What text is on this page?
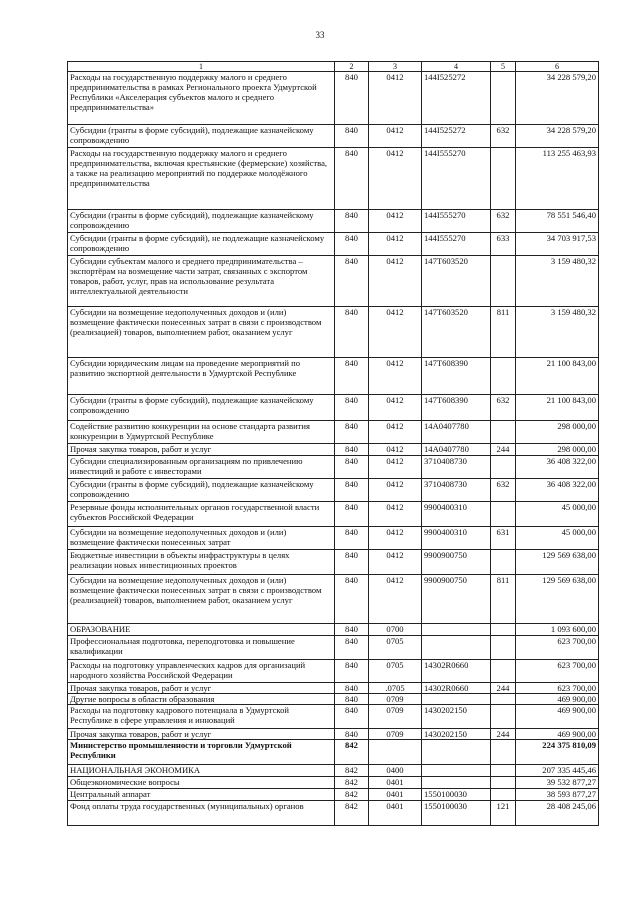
33
1	2	3	4	5	6
Расходы на государственную поддержку малого и среднего предпринимательства в рамках Регионального проекта Удмуртской Республики «Акселерация субъектов малого и среднего предпринимательства»	840	0412	144I525272		34 228 579,20
Субсидии (гранты в форме субсидий), подлежащие казначейскому сопровождению	840	0412	144I525272	632	34 228 579,20
Расходы на государственную поддержку малого и среднего предпринимательства, включая крестьянские (фермерские) хозяйства, а также на реализацию мероприятий по поддержке молодёжного предпринимательства	840	0412	144I555270		113 255 463,93
Субсидии (гранты в форме субсидий), подлежащие казначейскому сопровождению	840	0412	144I555270	632	78 551 546,40
Субсидии (гранты в форме субсидий), не подлежащие казначейскому сопровождению	840	0412	144I555270	633	34 703 917,53
Субсидии субъектам малого и среднего предпринимательства – экспортёрам на возмещение части затрат, связанных с экспортом товаров, работ, услуг, прав на использование результата интеллектуальной деятельности	840	0412	147T603520		3 159 480,32
Субсидии на возмещение недополученных доходов и (или) возмещение фактически понесенных затрат в связи с производством (реализацией) товаров, выполнением работ, оказанием услуг	840	0412	147T603520	811	3 159 480,32
Субсидии юридическим лицам на проведение мероприятий по развитию экспортной деятельности в Удмуртской Республике	840	0412	147T608390		21 100 843,00
Субсидии (гранты в форме субсидий), подлежащие казначейскому сопровождению	840	0412	147T608390	632	21 100 843,00
Содействие развитию конкуренции на основе стандарта развития конкуренции в Удмуртской Республике	840	0412	14A0407780		298 000,00
Прочая закупка товаров, работ и услуг	840	0412	14A0407780	244	298 000,00
Субсидии специализированным организациям по привлечению инвестиций и работе с инвесторами	840	0412	3710408730		36 408 322,00
Субсидии (гранты в форме субсидий), подлежащие казначейскому сопровождению	840	0412	3710408730	632	36 408 322,00
Резервные фонды исполнительных органов государственной власти субъектов Российской Федерации	840	0412	9900400310		45 000,00
Субсидии на возмещение недополученных доходов и (или) возмещение фактически понесенных затрат	840	0412	9900400310	631	45 000,00
Бюджетные инвестиции в объекты инфраструктуры в целях реализации новых инвестиционных проектов	840	0412	9900900750		129 569 638,00
Субсидии на возмещение недополученных доходов и (или) возмещение фактически понесенных затрат в связи с производством (реализацией) товаров, выполнением работ, оказанием услуг	840	0412	9900900750	811	129 569 638,00
ОБРАЗОВАНИЕ	840	0700			1 093 600,00
Профессиональная подготовка, переподготовка и повышение квалификации	840	0705			623 700,00
Расходы на подготовку управленческих кадров для организаций народного хозяйства Российской Федерации	840	0705	14302R0660		623 700,00
Прочая закупка товаров, работ и услуг	840	.0705	14302R0660	244	623 700,00
Другие вопросы в области образования	840	0709			469 900,00
Расходы на подготовку кадрового потенциала в Удмуртской Республике в сфере управления и инноваций	840	0709	1430202150		469 900,00
Прочая закупка товаров, работ и услуг	840	0709	1430202150	244	469 900,00
Министерство промышленности и торговли Удмуртской Республики	842				224 375 810,09
НАЦИОНАЛЬНАЯ ЭКОНОМИКА	842	0400			207 335 445,46
Общеэкономические вопросы	842	0401			39 532 877,27
Центральный аппарат	842	0401	1550100030		38 593 877,27
Фонд оплаты труда государственных (муниципальных) органов	842	0401	1550100030	121	28 408 245,06
